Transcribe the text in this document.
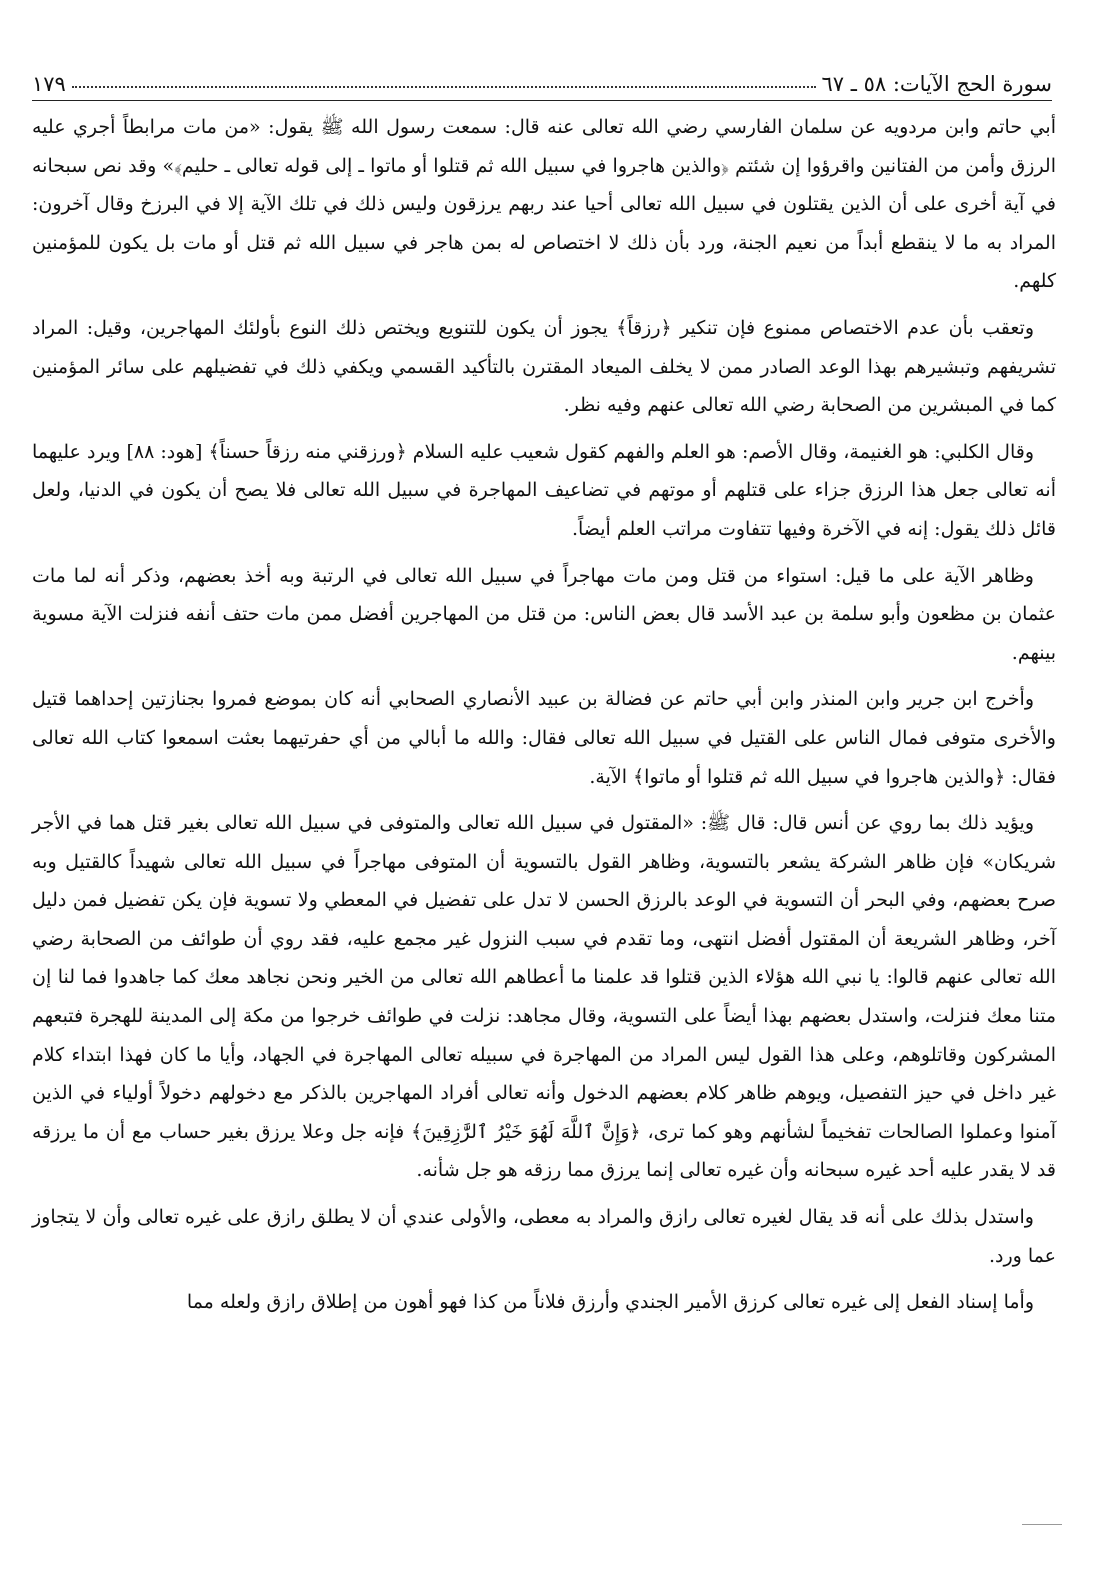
سورة الحج الآيات: ٥٨ ـ ٦٧
١٧٩

أبي حاتم وابن مردويه عن سلمان الفارسي رضي الله تعالى عنه قال: سمعت رسول الله ﷺ يقول: «من مات مرابطاً أجري عليه الرزق وأمن من الفتانين واقرؤوا إن شئتم ﴿والذين هاجروا في سبيل الله ثم قتلوا أو ماتوا ـ إلى قوله تعالى ـ حليم﴾» وقد نص سبحانه في آية أخرى على أن الذين يقتلون في سبيل الله تعالى أحيا عند ربهم يرزقون وليس ذلك في تلك الآية إلا في البرزخ وقال آخرون: المراد به ما لا ينقطع أبداً من نعيم الجنة، ورد بأن ذلك لا اختصاص له بمن هاجر في سبيل الله ثم قتل أو مات بل يكون للمؤمنين كلهم.

وتعقب بأن عدم الاختصاص ممنوع فإن تنكير ﴿رزقاً﴾ يجوز أن يكون للتنويع ويختص ذلك النوع بأولئك المهاجرين، وقيل: المراد تشريفهم وتبشيرهم بهذا الوعد الصادر ممن لا يخلف الميعاد المقترن بالتأكيد القسمي ويكفي ذلك في تفضيلهم على سائر المؤمنين كما في المبشرين من الصحابة رضي الله تعالى عنهم وفيه نظر.

وقال الكلبي: هو الغنيمة، وقال الأصم: هو العلم والفهم كقول شعيب عليه السلام ﴿ورزقني منه رزقاً حسناً﴾ [هود: ٨٨] ويرد عليهما أنه تعالى جعل هذا الرزق جزاء على قتلهم أو موتهم في تضاعيف المهاجرة في سبيل الله تعالى فلا يصح أن يكون في الدنيا، ولعل قائل ذلك يقول: إنه في الآخرة وفيها تتفاوت مراتب العلم أيضاً.

وظاهر الآية على ما قيل: استواء من قتل ومن مات مهاجراً في سبيل الله تعالى في الرتبة وبه أخذ بعضهم، وذكر أنه لما مات عثمان بن مظعون وأبو سلمة بن عبد الأسد قال بعض الناس: من قتل من المهاجرين أفضل ممن مات حتف أنفه فنزلت الآية مسوية بينهم.

وأخرج ابن جرير وابن المنذر وابن أبي حاتم عن فضالة بن عبيد الأنصاري الصحابي أنه كان بموضع فمروا بجنازتين إحداهما قتيل والأخرى متوفى فمال الناس على القتيل في سبيل الله تعالى فقال: والله ما أبالي من أي حفرتيهما بعثت اسمعوا كتاب الله تعالى فقال: ﴿والذين هاجروا في سبيل الله ثم قتلوا أو ماتوا﴾ الآية.

ويؤيد ذلك بما روي عن أنس قال: قال ﷺ: «المقتول في سبيل الله تعالى والمتوفى في سبيل الله تعالى بغير قتل هما في الأجر شريكان» فإن ظاهر الشركة يشعر بالتسوية، وظاهر القول بالتسوية أن المتوفى مهاجراً في سبيل الله تعالى شهيداً كالقتيل وبه صرح بعضهم، وفي البحر أن التسوية في الوعد بالرزق الحسن لا تدل على تفضيل في المعطي ولا تسوية فإن يكن تفضيل فمن دليل آخر، وظاهر الشريعة أن المقتول أفضل انتهى، وما تقدم في سبب النزول غير مجمع عليه، فقد روي أن طوائف من الصحابة رضي الله تعالى عنهم قالوا: يا نبي الله هؤلاء الذين قتلوا قد علمنا ما أعطاهم الله تعالى من الخير ونحن نجاهد معك كما جاهدوا فما لنا إن متنا معك فنزلت، واستدل بعضهم بهذا أيضاً على التسوية، وقال مجاهد: نزلت في طوائف خرجوا من مكة إلى المدينة للهجرة فتبعهم المشركون وقاتلوهم، وعلى هذا القول ليس المراد من المهاجرة في سبيله تعالى المهاجرة في الجهاد، وأيا ما كان فهذا ابتداء كلام غير داخل في حيز التفصيل، ويوهم ظاهر كلام بعضهم الدخول وأنه تعالى أفراد المهاجرين بالذكر مع دخولهم دخولاً أولياء في الذين آمنوا وعملوا الصالحات تفخيماً لشأنهم وهو كما ترى، ﴿وَإِنَّ ٱللَّهَ لَهُوَ خَيْرُ ٱلرَّٰزِقِينَ﴾ فإنه جل وعلا يرزق بغير حساب مع أن ما يرزقه قد لا يقدر عليه أحد غيره سبحانه وأن غيره تعالى إنما يرزق مما رزقه هو جل شأنه.

واستدل بذلك على أنه قد يقال لغيره تعالى رازق والمراد به معطى، والأولى عندي أن لا يطلق رازق على غيره تعالى وأن لا يتجاوز عما ورد.

وأما إسناد الفعل إلى غيره تعالى كرزق الأمير الجندي وأرزق فلاناً من كذا فهو أهون من إطلاق رازق ولعله مما
